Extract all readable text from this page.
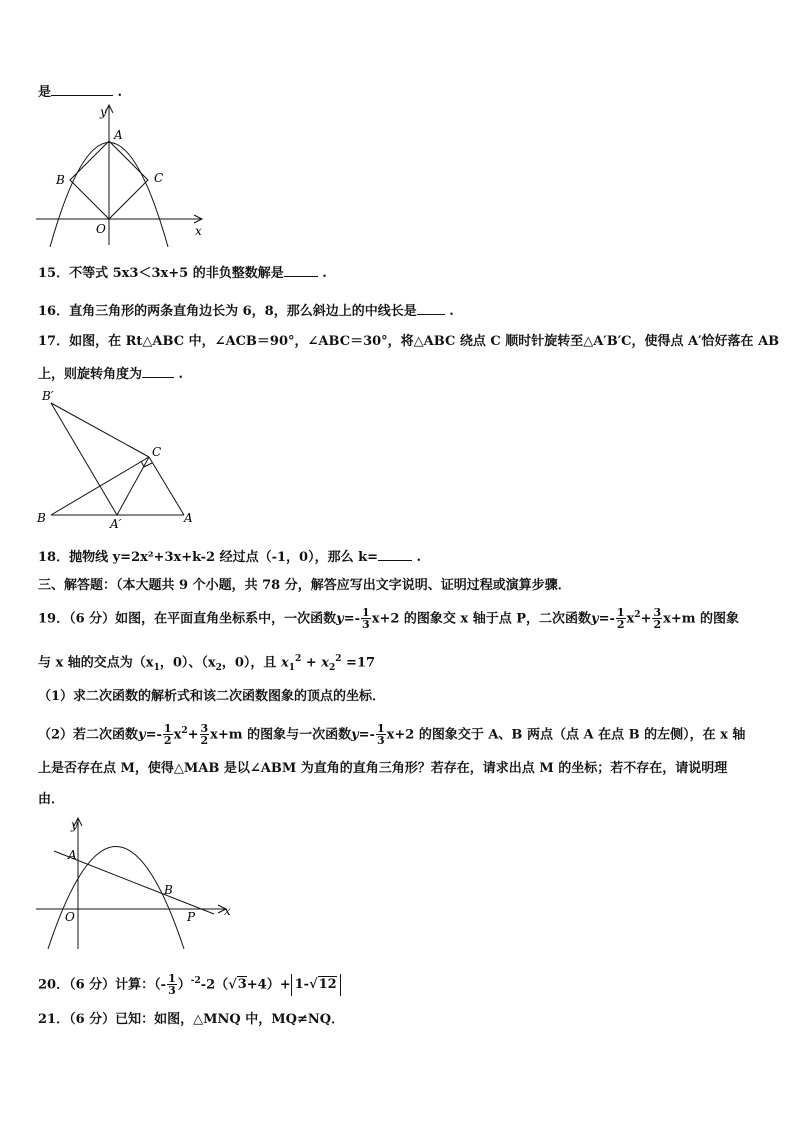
是	.
y
A
B	C
O	x
15．不等式 5x3＜3x+5 的非负整数解是	.
16．直角三角形的两条直角边长为 6，8，那么斜边上的中线长是	.
17．如图，在 Rt△ABC 中，∠ACB＝90°，∠ABC＝30°，将△ABC 绕点 C 顺时针旋转至△A′B′C，使得点 A′恰好落在 AB
上，则旋转角度为	.
B′
C
B	A′	A
18．抛物线 y=2x²+3x+k-2 经过点（-1，0），那么 k=	.
三、解答题：（本大题共 9 个小题，共 78 分，解答应写出文字说明、证明过程或演算步骤．
19．（6 分）如图，在平面直角坐标系中，一次函数$y=- \frac{1}{3} x+2$ 的图象交 x 轴于点 P，二次函数$y=- \frac{1}{2} x^2+ \frac{3}{2} x+m$ 的图象
与 x 轴的交点为（$x_1$，0）、（$x_2$，0），且 $x_1^2 + x_2^2 =17$
（1）求二次函数的解析式和该二次函数图象的顶点的坐标．
（2）若二次函数$y=- \frac{1}{2} x^2+ \frac{3}{2} x+m$ 的图象与一次函数$y=- \frac{1}{3} x+2$ 的图象交于 A、B 两点（点 A 在点 B 的左侧），在 x 轴
上是否存在点 M，使得△MAB 是以∠ABM 为直角的直角三角形？若存在，请求出点 M 的坐标；若不存在，请说明理
由．
y
A
B
O	P x
20．（6 分）计算：（- $\frac{1}{3} )^{-2}-2(√3+4)+ 1-√12$
21．（6 分）已知：如图，△MNQ 中，MQ≠NQ．
